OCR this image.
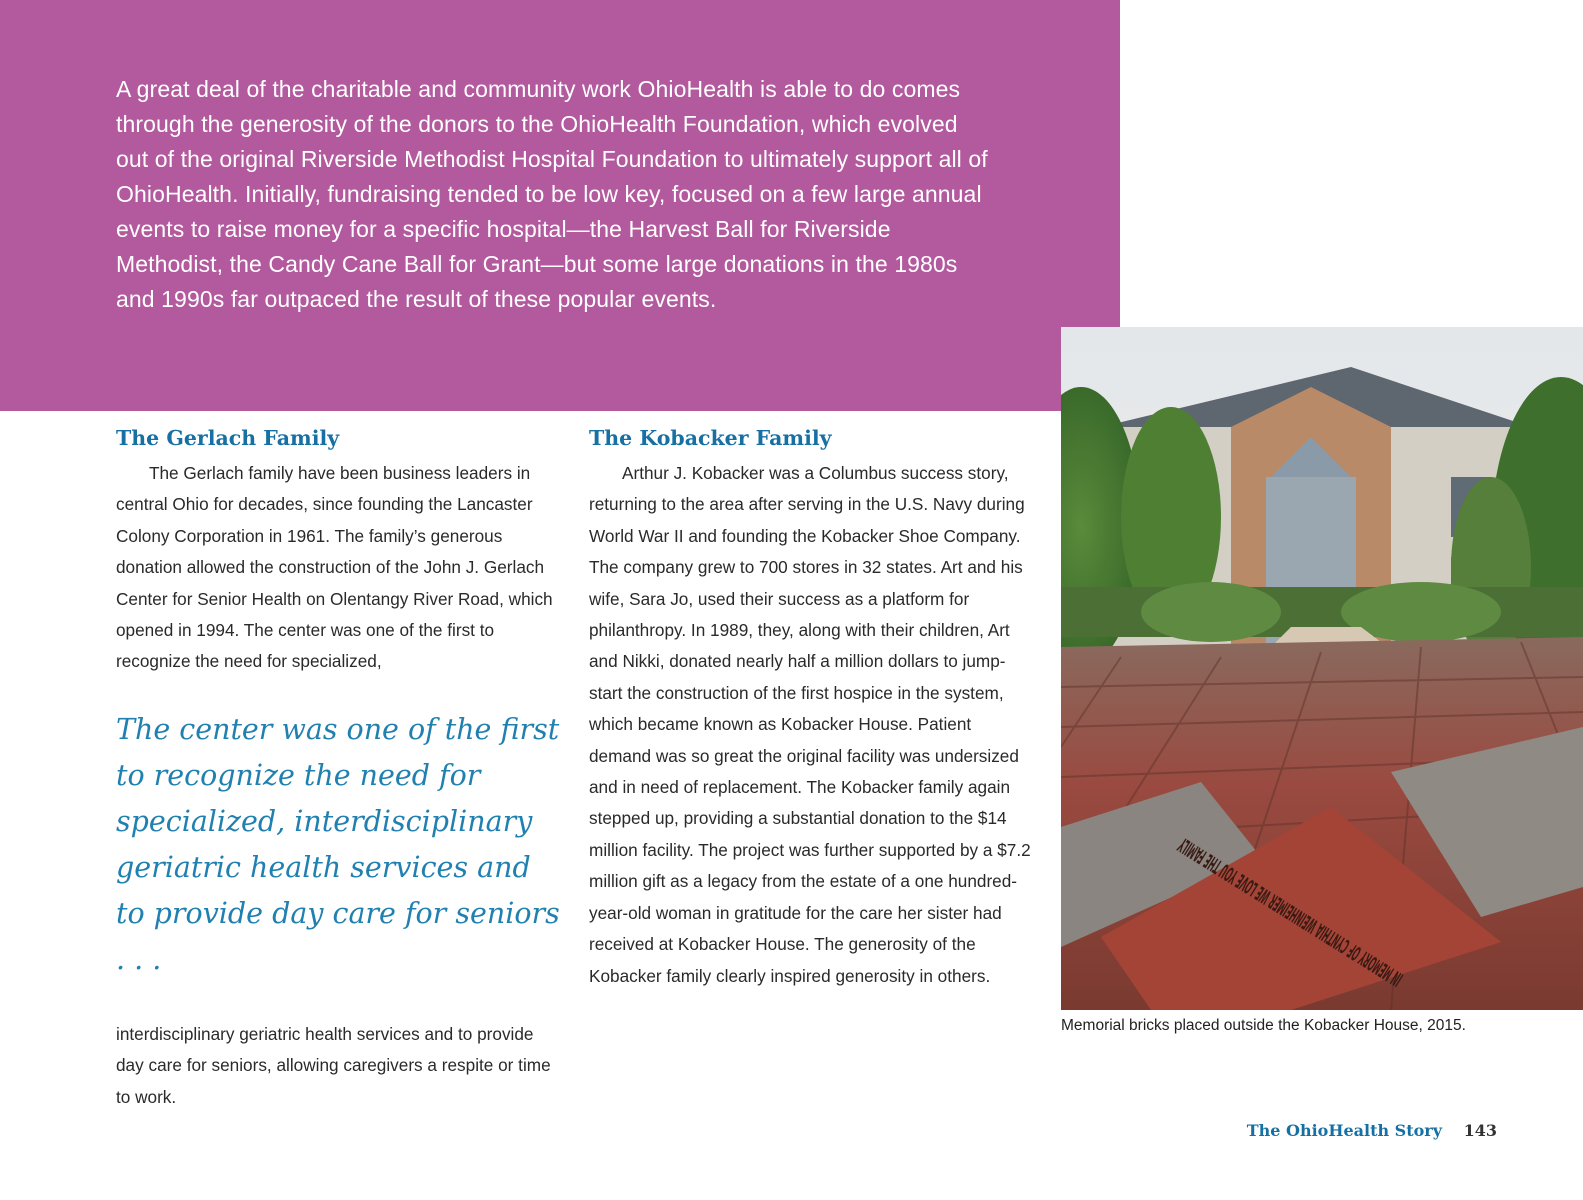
A great deal of the charitable and community work OhioHealth is able to do comes through the generosity of the donors to the OhioHealth Foundation, which evolved out of the original Riverside Methodist Hospital Foundation to ultimately support all of OhioHealth. Initially, fundraising tended to be low key, focused on a few large annual events to raise money for a specific hospital—the Harvest Ball for Riverside Methodist, the Candy Cane Ball for Grant—but some large donations in the 1980s and 1990s far outpaced the result of these popular events.

The Gerlach Family

The Gerlach family have been business leaders in central Ohio for decades, since founding the Lancaster Colony Corporation in 1961. The family’s generous donation allowed the construction of the John J. Gerlach Center for Senior Health on Olentangy River Road, which opened in 1994. The center was one of the first to recognize the need for specialized,

The center was one of the first to recognize the need for specialized, interdisciplinary geriatric health services and to provide day care for seniors . . .

interdisciplinary geriatric health services and to provide day care for seniors, allowing caregivers a respite or time to work.

The Kobacker Family

Arthur J. Kobacker was a Columbus success story, returning to the area after serving in the U.S. Navy during World War II and founding the Kobacker Shoe Company. The company grew to 700 stores in 32 states. Art and his wife, Sara Jo, used their success as a platform for philanthropy. In 1989, they, along with their children, Art and Nikki, donated nearly half a million dollars to jump-start the construction of the first hospice in the system, which became known as Kobacker House. Patient demand was so great the original facility was undersized and in need of replacement. The Kobacker family again stepped up, providing a substantial donation to the $14 million facility. The project was further supported by a $7.2 million gift as a legacy from the estate of a one hundred-year-old woman in gratitude for the care her sister had received at Kobacker House. The generosity of the Kobacker family clearly inspired generosity in others.

Memorial bricks placed outside the Kobacker House, 2015.

The OhioHealth Story 143
